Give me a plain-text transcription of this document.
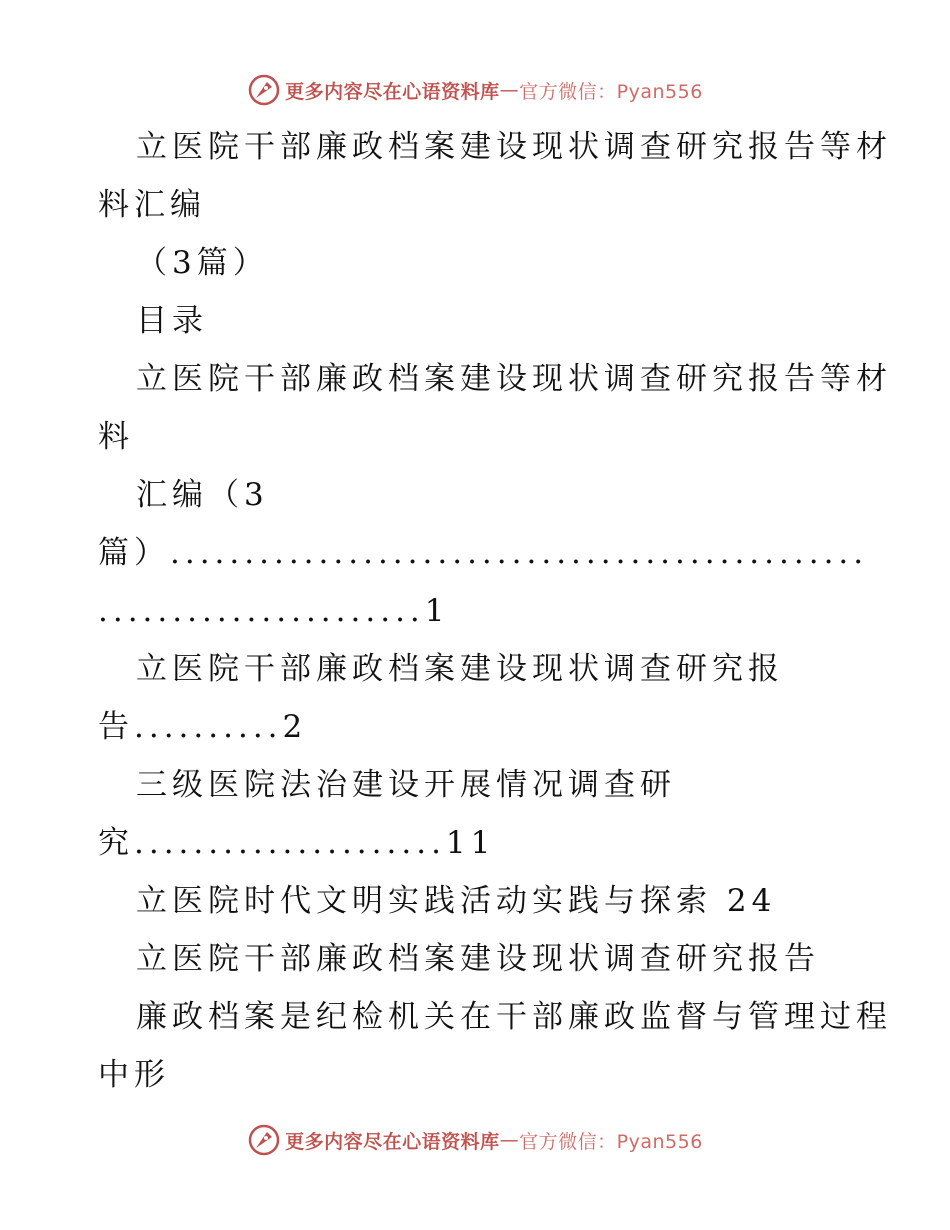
更多内容尽在心语资料库 — 官方微信：Pyan556
立医院干部廉政档案建设现状调查研究报告等材
料汇编
（3篇）
目录
立医院干部廉政档案建设现状调查研究报告等材
料
汇编（3
篇）...............................................
......................1
立医院干部廉政档案建设现状调查研究报
告..........2
三级医院法治建设开展情况调查研
究.....................11
立医院时代文明实践活动实践与探索 24
立医院干部廉政档案建设现状调查研究报告
廉政档案是纪检机关在干部廉政监督与管理过程
中形
更多内容尽在心语资料库 — 官方微信：Pyan556
